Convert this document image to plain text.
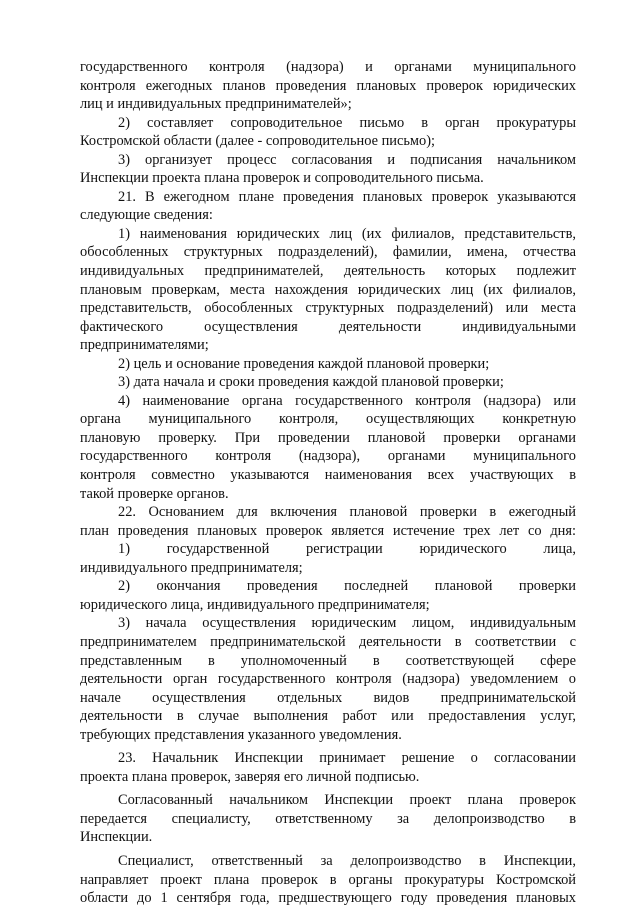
государственного контроля (надзора) и органами муниципального
контроля ежегодных планов проведения плановых проверок юридических
лиц и индивидуальных предпринимателей»;
2) составляет сопроводительное письмо в орган прокуратуры
Костромской области (далее - сопроводительное письмо);
3) организует процесс согласования и подписания начальником
Инспекции проекта плана проверок и сопроводительного письма.
21. В ежегодном плане проведения плановых проверок указываются
следующие сведения:
1) наименования юридических лиц (их филиалов, представительств,
обособленных структурных подразделений), фамилии, имена, отчества
индивидуальных предпринимателей, деятельность которых подлежит
плановым проверкам, места нахождения юридических лиц (их филиалов,
представительств, обособленных структурных подразделений) или места
фактического осуществления деятельности индивидуальными
предпринимателями;
2) цель и основание проведения каждой плановой проверки;
3) дата начала и сроки проведения каждой плановой проверки;
4) наименование органа государственного контроля (надзора) или
органа муниципального контроля, осуществляющих конкретную
плановую проверку. При проведении плановой проверки органами
государственного контроля (надзора), органами муниципального
контроля совместно указываются наименования всех участвующих в
такой проверке органов.
22. Основанием для включения плановой проверки в ежегодный
план проведения плановых проверок является истечение трех лет со дня:
1) государственной регистрации юридического лица,
индивидуального предпринимателя;
2) окончания проведения последней плановой проверки
юридического лица, индивидуального предпринимателя;
3) начала осуществления юридическим лицом, индивидуальным
предпринимателем предпринимательской деятельности в соответствии с
представленным в уполномоченный в соответствующей сфере
деятельности орган государственного контроля (надзора) уведомлением о
начале осуществления отдельных видов предпринимательской
деятельности в случае выполнения работ или предоставления услуг,
требующих представления указанного уведомления.
23. Начальник Инспекции принимает решение о согласовании
проекта плана проверок, заверяя его личной подписью.
Согласованный начальником Инспекции проект плана проверок
передается специалисту, ответственному за делопроизводство в
Инспекции.
Специалист, ответственный за делопроизводство в Инспекции,
направляет проект плана проверок в органы прокуратуры Костромской
области до 1 сентября года, предшествующего году проведения плановых
